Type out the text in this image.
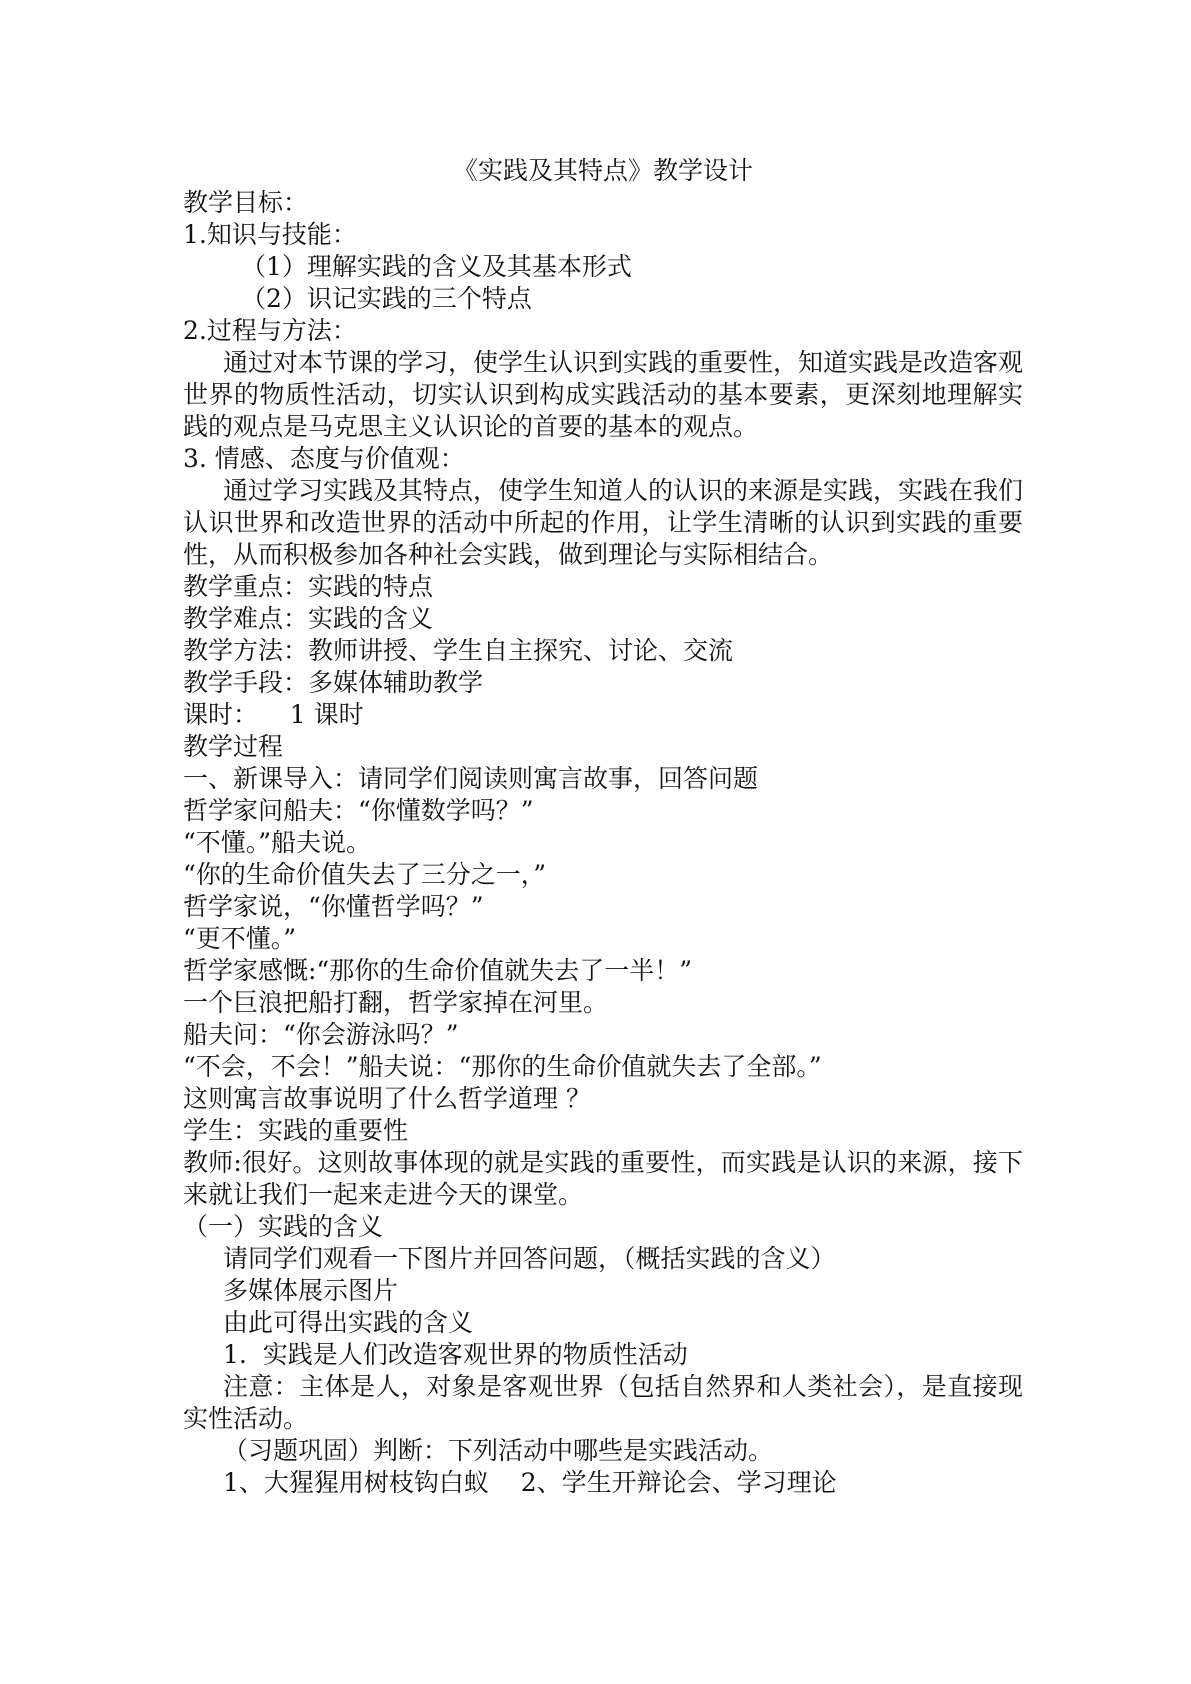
《实践及其特点》教学设计
教学目标：
1.知识与技能：
（1）理解实践的含义及其基本形式
（2）识记实践的三个特点
2.过程与方法：
通过对本节课的学习，使学生认识到实践的重要性，知道实践是改造客观世界的物质性活动，切实认识到构成实践活动的基本要素，更深刻地理解实践的观点是马克思主义认识论的首要的基本的观点。
3. 情感、态度与价值观：
通过学习实践及其特点，使学生知道人的认识的来源是实践，实践在我们认识世界和改造世界的活动中所起的作用，让学生清晰的认识到实践的重要性，从而积极参加各种社会实践，做到理论与实际相结合。
教学重点：实践的特点
教学难点：实践的含义
教学方法：教师讲授、学生自主探究、讨论、交流
教学手段：多媒体辅助教学
课时：    1 课时
教学过程
一、新课导入：请同学们阅读则寓言故事，回答问题
哲学家问船夫：“你懂数学吗？”
“不懂。”船夫说。
“你的生命价值失去了三分之一，”
哲学家说，“你懂哲学吗？”
“更不懂。”
哲学家感慨:“那你的生命价值就失去了一半！”
一个巨浪把船打翻，哲学家掉在河里。
船夫问：“你会游泳吗？”
“不会，不会！”船夫说：“那你的生命价值就失去了全部。”
这则寓言故事说明了什么哲学道理 ？
学生：实践的重要性
教师:很好。这则故事体现的就是实践的重要性，而实践是认识的来源，接下来就让我们一起来走进今天的课堂。
（一）实践的含义
请同学们观看一下图片并回答问题，（概括实践的含义）
多媒体展示图片
由此可得出实践的含义
1.  实践是人们改造客观世界的物质性活动
注意：主体是人，对象是客观世界（包括自然界和人类社会），是直接现实性活动。
（习题巩固）判断：下列活动中哪些是实践活动。
1、大猩猩用树枝钩白蚁    2、学生开辩论会、学习理论
